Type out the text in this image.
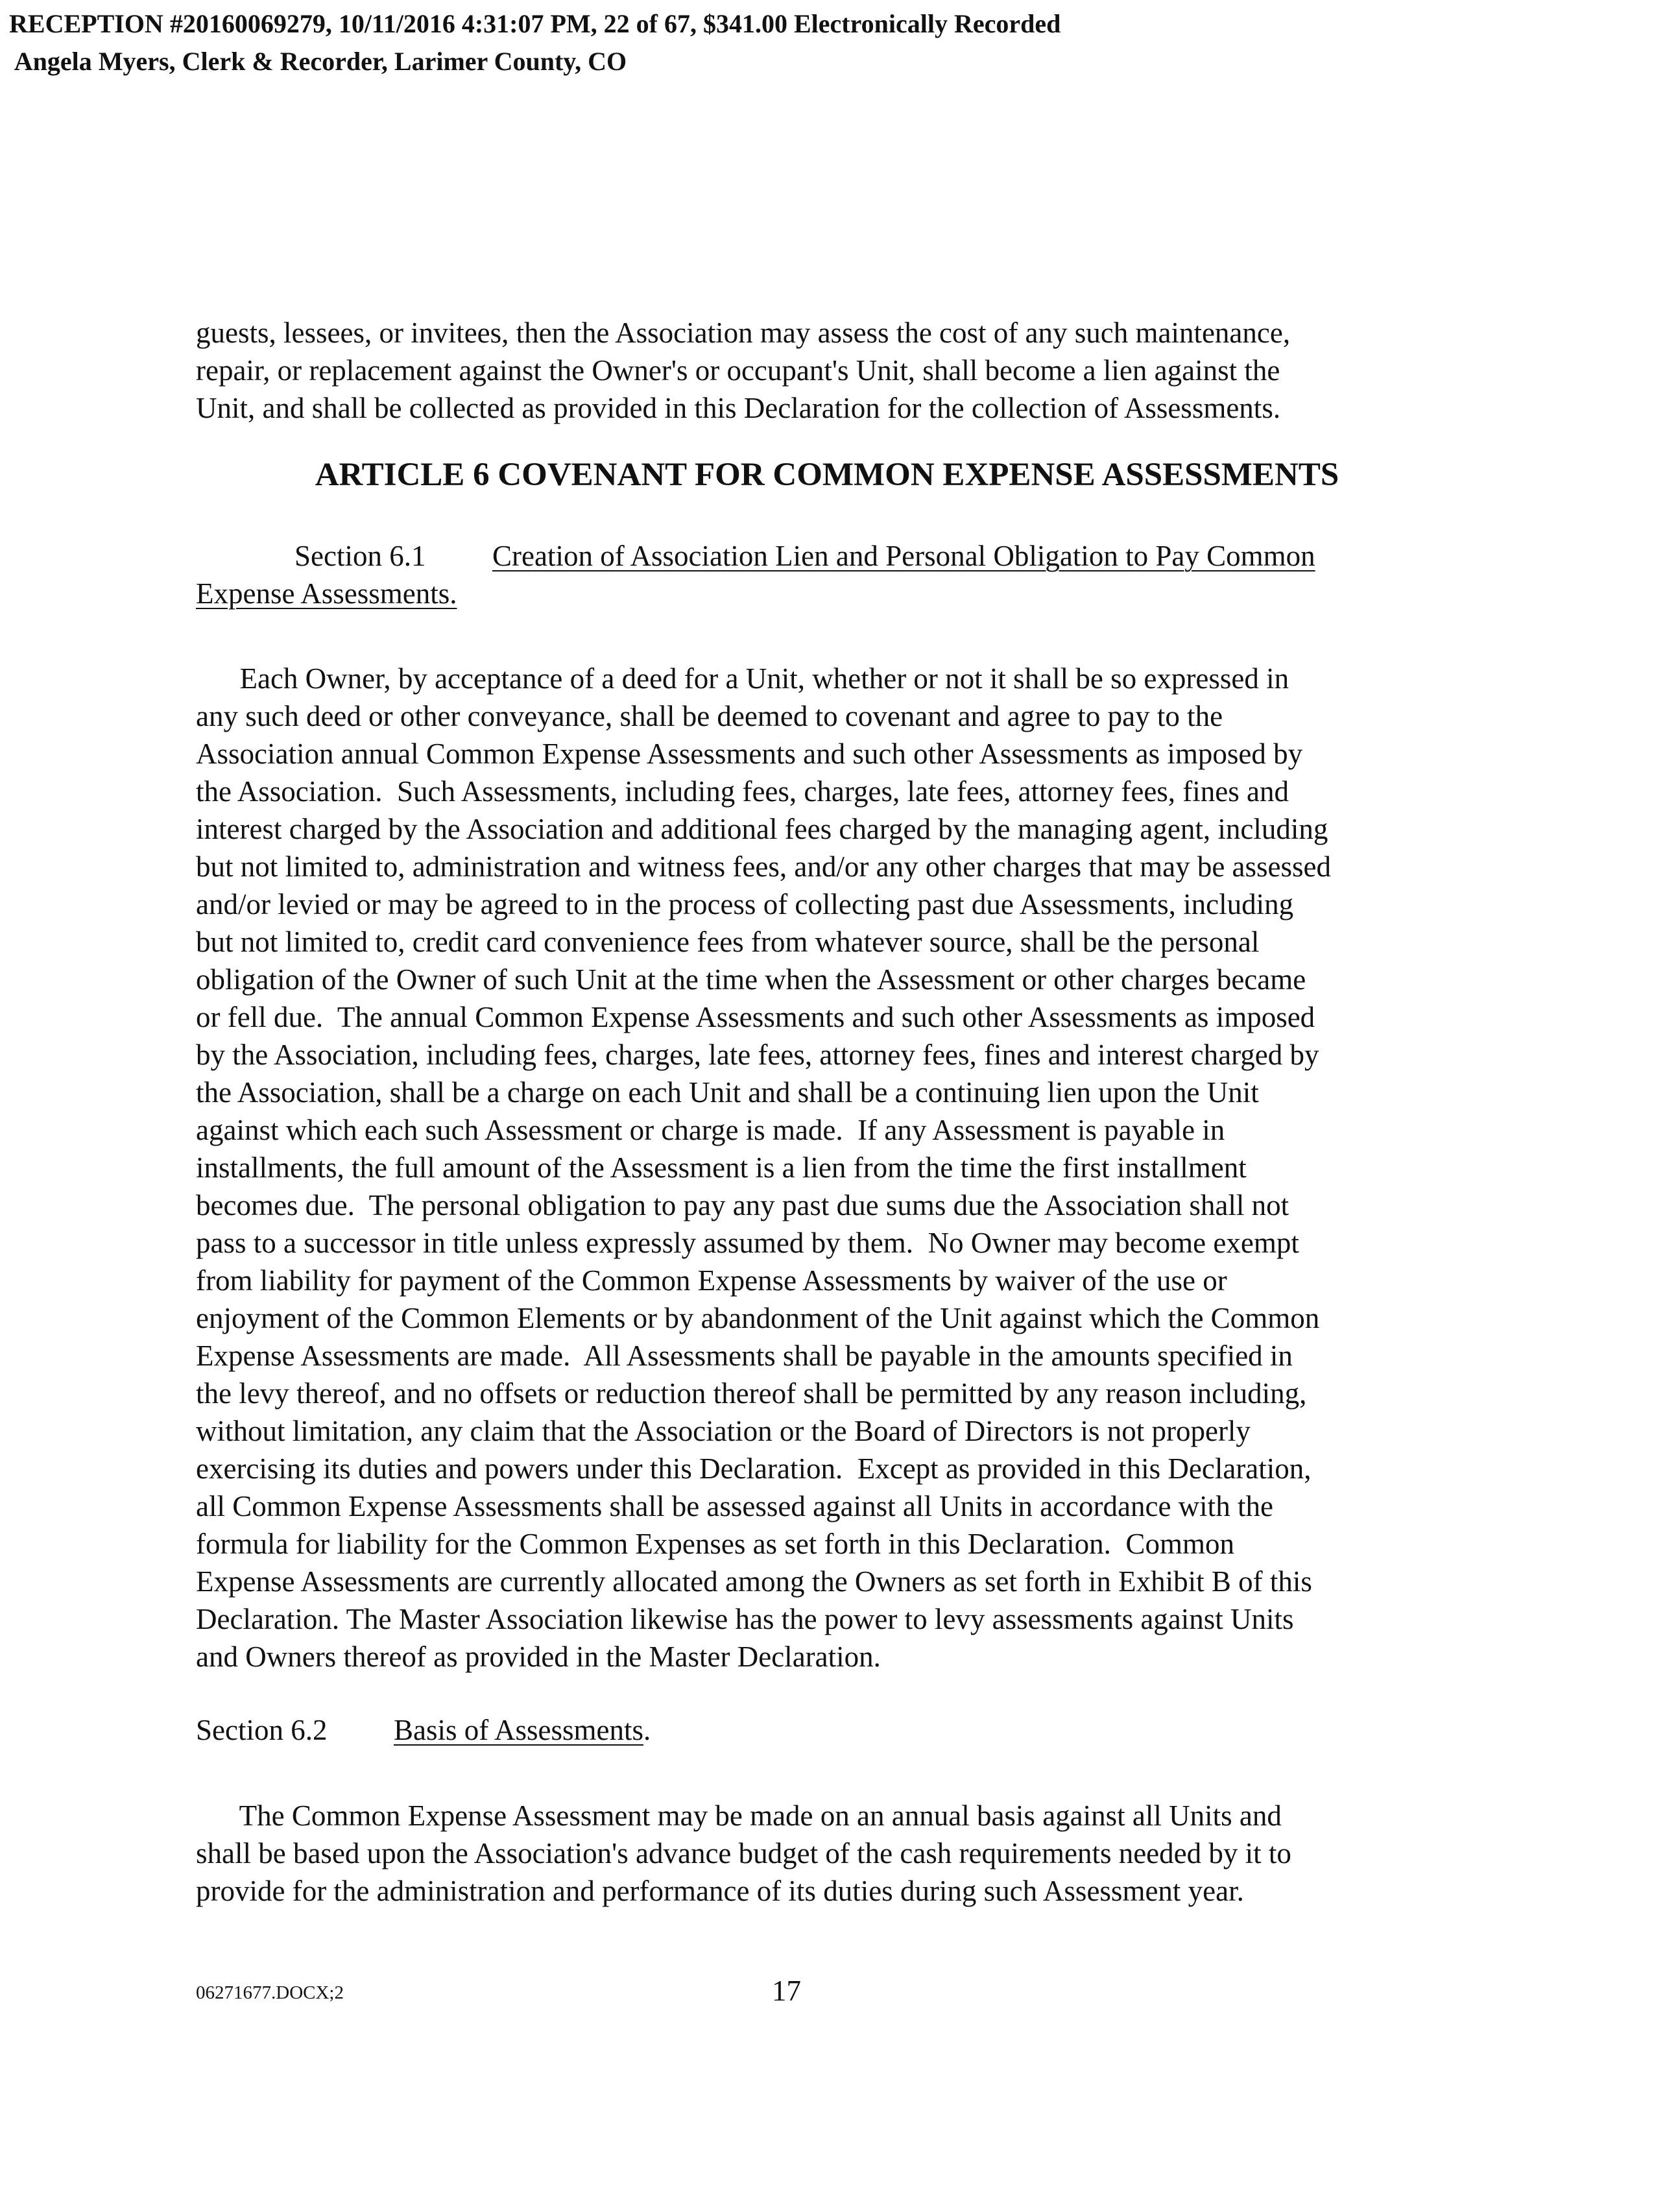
RECEPTION #20160069279, 10/11/2016 4:31:07 PM, 22 of 67, $341.00 Electronically Recorded
Angela Myers, Clerk & Recorder, Larimer County, CO
guests, lessees, or invitees, then the Association may assess the cost of any such maintenance,
repair, or replacement against the Owner's or occupant's Unit, shall become a lien against the
Unit, and shall be collected as provided in this Declaration for the collection of Assessments.
ARTICLE 6 COVENANT FOR COMMON EXPENSE ASSESSMENTS
Section 6.1 Creation of Association Lien and Personal Obligation to Pay Common
Expense Assessments.
Each Owner, by acceptance of a deed for a Unit, whether or not it shall be so expressed in
any such deed or other conveyance, shall be deemed to covenant and agree to pay to the
Association annual Common Expense Assessments and such other Assessments as imposed by
the Association.  Such Assessments, including fees, charges, late fees, attorney fees, fines and
interest charged by the Association and additional fees charged by the managing agent, including
but not limited to, administration and witness fees, and/or any other charges that may be assessed
and/or levied or may be agreed to in the process of collecting past due Assessments, including
but not limited to, credit card convenience fees from whatever source, shall be the personal
obligation of the Owner of such Unit at the time when the Assessment or other charges became
or fell due.  The annual Common Expense Assessments and such other Assessments as imposed
by the Association, including fees, charges, late fees, attorney fees, fines and interest charged by
the Association, shall be a charge on each Unit and shall be a continuing lien upon the Unit
against which each such Assessment or charge is made.  If any Assessment is payable in
installments, the full amount of the Assessment is a lien from the time the first installment
becomes due.  The personal obligation to pay any past due sums due the Association shall not
pass to a successor in title unless expressly assumed by them.  No Owner may become exempt
from liability for payment of the Common Expense Assessments by waiver of the use or
enjoyment of the Common Elements or by abandonment of the Unit against which the Common
Expense Assessments are made.  All Assessments shall be payable in the amounts specified in
the levy thereof, and no offsets or reduction thereof shall be permitted by any reason including,
without limitation, any claim that the Association or the Board of Directors is not properly
exercising its duties and powers under this Declaration.  Except as provided in this Declaration,
all Common Expense Assessments shall be assessed against all Units in accordance with the
formula for liability for the Common Expenses as set forth in this Declaration.  Common
Expense Assessments are currently allocated among the Owners as set forth in Exhibit B of this
Declaration. The Master Association likewise has the power to levy assessments against Units
and Owners thereof as provided in the Master Declaration.
Section 6.2 Basis of Assessments.
The Common Expense Assessment may be made on an annual basis against all Units and
shall be based upon the Association's advance budget of the cash requirements needed by it to
provide for the administration and performance of its duties during such Assessment year.
06271677.DOCX;2	17
